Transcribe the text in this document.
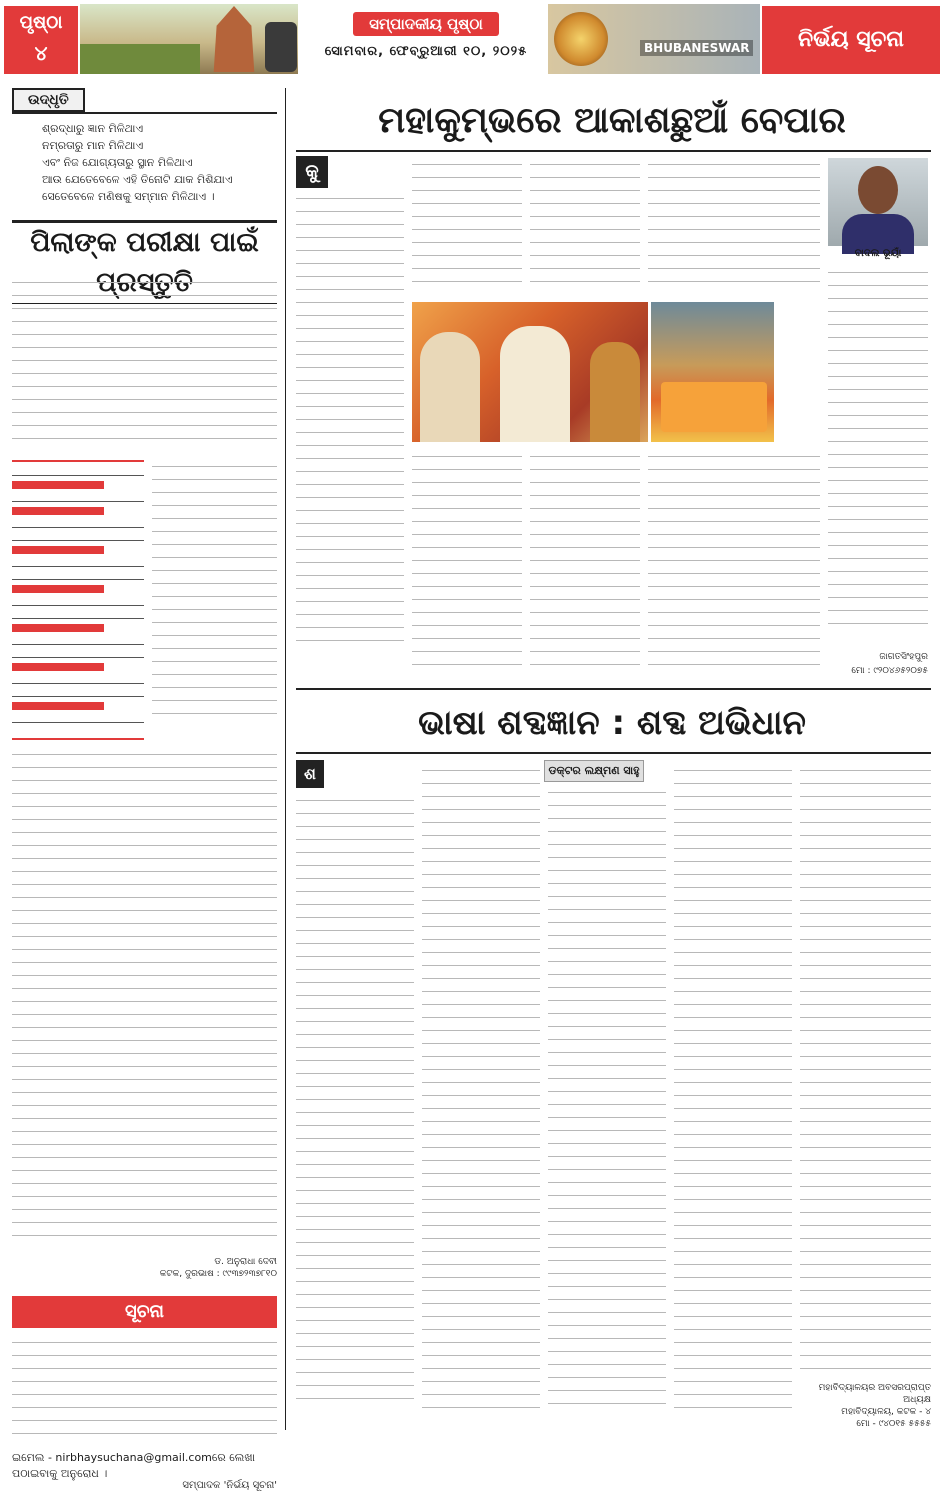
ପୃଷ୍ଠା
୪
ସମ୍ପାଦକୀୟ ପୃଷ୍ଠା
ସୋମବାର, ଫେବ୍ରୁଆରୀ ୧୦, ୨୦୨୫	BHUBANESWAR	ନିର୍ଭୟ ସୂଚନା
ଉଦ୍ଧୃତି
ଶ୍ରଦ୍ଧାରୁ ଜ୍ଞାନ ମିଳିଥାଏ
ନମ୍ରତାରୁ ମାନ ମିଳିଥାଏ
ଏବଂ ନିଜ ଯୋଗ୍ୟତାରୁ ସ୍ଥାନ ମିଳିଥାଏ
ଆଉ ଯେତେବେଳେ ଏହି ତିନୋଟି ଯାକ ମିଶିଯାଏ
ସେତେବେଳେ ମଣିଷକୁ ସମ୍ମାନ ମିଳିଥାଏ ।
ପିଲାଙ୍କ ପରୀକ୍ଷା ପାଇଁ ପ୍ରସ୍ତୁତି
ଡ. ଅନୁରାଧା ଦେବୀ
କଟକ, ଦୁରଭାଷ : ୯୯୩୭୨୩୭୮୧୦
ସୂଚନା
ଇମେଲ - nirbhaysuchana@gmail.comରେ ଲେଖା ପଠାଇବାକୁ ଅନୁରୋଧ ।
ସମ୍ପାଦକ 'ନିର୍ଭୟ ସୂଚନା'
ମହାକୁମ୍ଭରେ ଆକାଶଛୁଆଁ ବେପାର
କୁ
ବାଦଲ ଭୂୟାଁ
ଜାଗତସିଂହପୁର
ମୋ : ୯୨୦୪୬୫୨୦୭୫
ଭାଷା ଶବ୍ଦଜ୍ଞାନ : ଶବ୍ଦ ଅଭିଧାନ
ଶ	ଡକ୍ଟର ଲକ୍ଷ୍ମଣ ସାହୁ
ମହାବିଦ୍ୟାଳୟର ଅବସରପ୍ରାପ୍ତ ଅଧ୍ୟକ୍ଷ
ମହାବିଦ୍ୟାଳୟ, କଟକ - ୪
ମୋ - ୯୪୦୧୫ ୫୫୫୫
